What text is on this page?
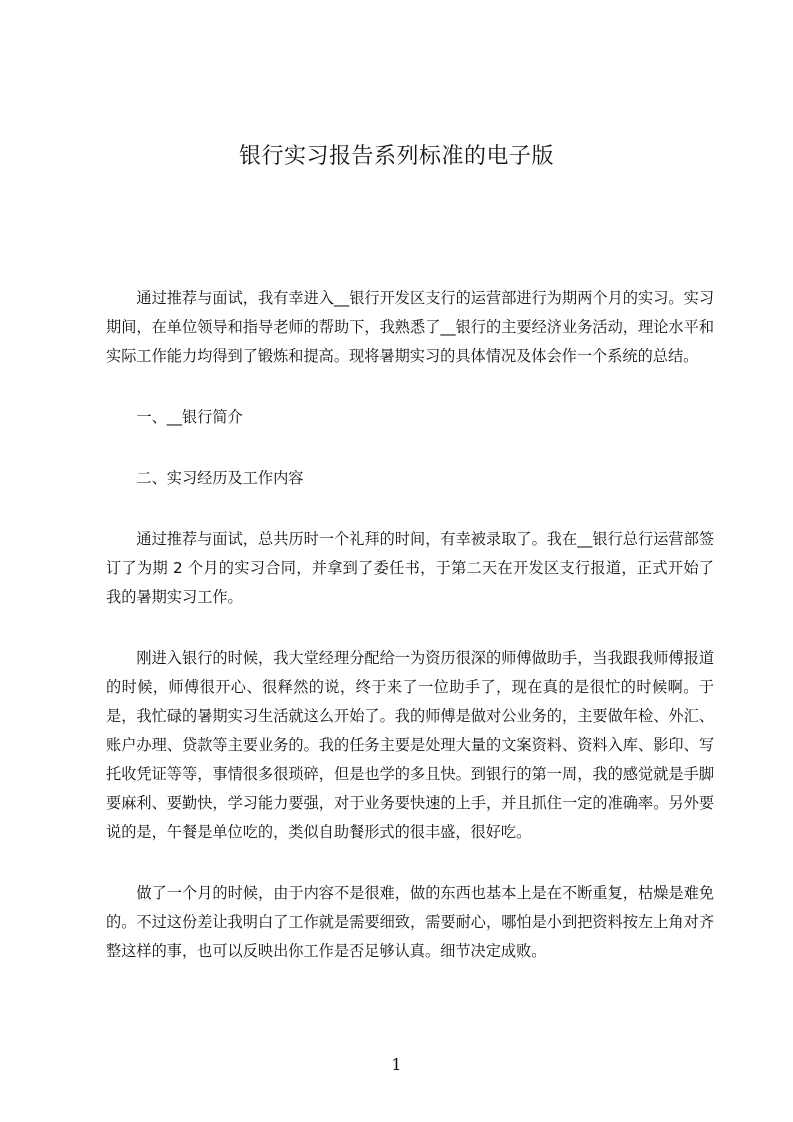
银行实习报告系列标准的电子版

通过推荐与面试，我有幸进入__银行开发区支行的运营部进行为期两个月的实习。实习期间，在单位领导和指导老师的帮助下，我熟悉了__银行的主要经济业务活动，理论水平和实际工作能力均得到了锻炼和提高。现将暑期实习的具体情况及体会作一个系统的总结。

一、__银行简介

二、实习经历及工作内容

通过推荐与面试，总共历时一个礼拜的时间，有幸被录取了。我在__银行总行运营部签订了为期 2 个月的实习合同，并拿到了委任书，于第二天在开发区支行报道，正式开始了我的暑期实习工作。

刚进入银行的时候，我大堂经理分配给一为资历很深的师傅做助手，当我跟我师傅报道的时候，师傅很开心、很释然的说，终于来了一位助手了，现在真的是很忙的时候啊。于是，我忙碌的暑期实习生活就这么开始了。我的师傅是做对公业务的，主要做年检、外汇、账户办理、贷款等主要业务的。我的任务主要是处理大量的文案资料、资料入库、影印、写托收凭证等等，事情很多很琐碎，但是也学的多且快。到银行的第一周，我的感觉就是手脚要麻利、要勤快，学习能力要强，对于业务要快速的上手，并且抓住一定的准确率。另外要说的是，午餐是单位吃的，类似自助餐形式的很丰盛，很好吃。

做了一个月的时候，由于内容不是很难，做的东西也基本上是在不断重复，枯燥是难免的。不过这份差让我明白了工作就是需要细致，需要耐心，哪怕是小到把资料按左上角对齐整这样的事，也可以反映出你工作是否足够认真。细节决定成败。

1
